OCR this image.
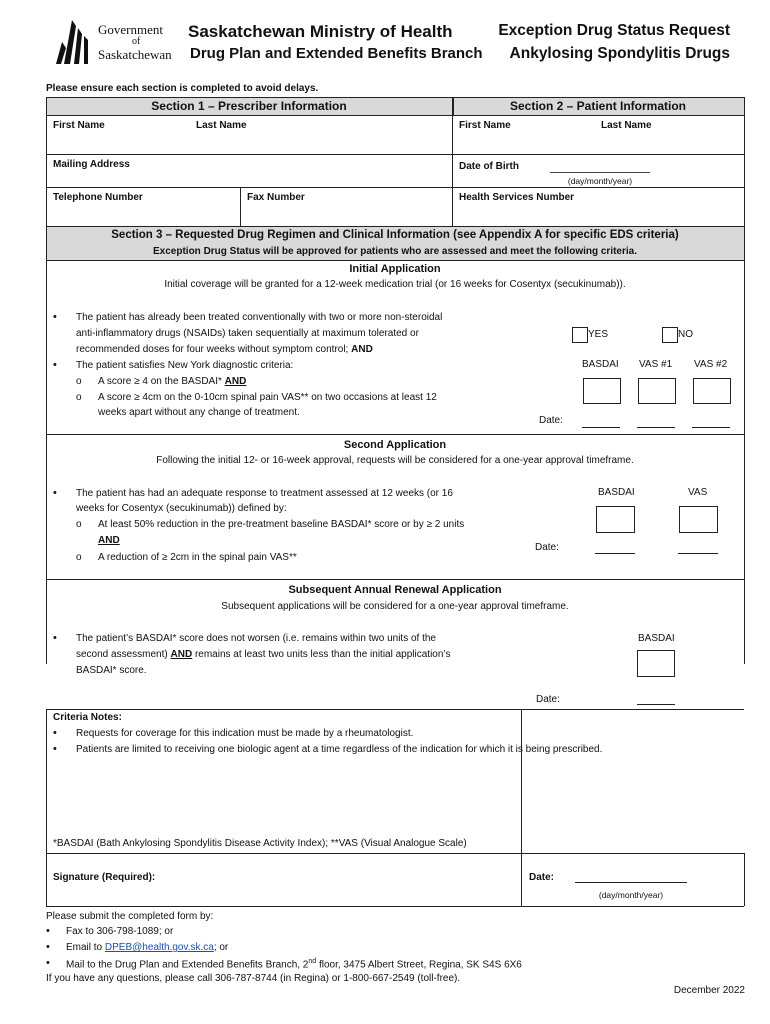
Government
of
Saskatchewan
Saskatchewan Ministry of Health
Drug Plan and Extended Benefits Branch
Exception Drug Status Request
Ankylosing Spondylitis Drugs
Please ensure each section is completed to avoid delays.
Section 1 – Prescriber Information	Section 2 – Patient Information
First Name	Last Name
Mailing Address
Telephone Number	Fax Number
First Name	Last Name
Date of Birth
(day/month/year)
Health Services Number
Section 3 – Requested Drug Regimen and Clinical Information (see Appendix A for specific EDS criteria)
Exception Drug Status will be approved for patients who are assessed and meet the following criteria.
Initial Application
Initial coverage will be granted for a 12-week medication trial (or 16 weeks for Cosentyx (secukinumab)).
• The patient has already been treated conventionally with two or more non-steroidal
anti-inflammatory drugs (NSAIDs) taken sequentially at maximum tolerated or
recommended doses for four weeks without symptom control; AND
• The patient satisfies New York diagnostic criteria:
o A score ≥ 4 on the BASDAI* AND
o A score ≥ 4cm on the 0-10cm spinal pain VAS** on two occasions at least 12
weeks apart without any change of treatment.
YES	NO
BASDAI VAS #1 VAS #2
Date:
Second Application
Following the initial 12- or 16-week approval, requests will be considered for a one-year approval timeframe.
• The patient has had an adequate response to treatment assessed at 12 weeks (or 16
weeks for Cosentyx (secukinumab)) defined by:
o At least 50% reduction in the pre-treatment baseline BASDAI* score or by ≥ 2 units
AND
o A reduction of ≥ 2cm in the spinal pain VAS**
BASDAI	VAS
Date:
Subsequent Annual Renewal Application
Subsequent applications will be considered for a one-year approval timeframe.
• The patient’s BASDAI* score does not worsen (i.e. remains within two units of the
second assessment) AND remains at least two units less than the initial application’s
BASDAI* score.
BASDAI
Date:
Criteria Notes:
• Requests for coverage for this indication must be made by a rheumatologist.
• Patients are limited to receiving one biologic agent at a time regardless of the indication for which it is being prescribed.
*BASDAI (Bath Ankylosing Spondylitis Disease Activity Index); **VAS (Visual Analogue Scale)
Signature (Required):	Date:
(day/month/year)
Please submit the completed form by:
• Fax to 306-798-1089; or
• Email to DPEB@health.gov.sk.ca; or
• Mail to the Drug Plan and Extended Benefits Branch, 2nd floor, 3475 Albert Street, Regina, SK S4S 6X6
If you have any questions, please call 306-787-8744 (in Regina) or 1-800-667-2549 (toll-free).
December 2022
